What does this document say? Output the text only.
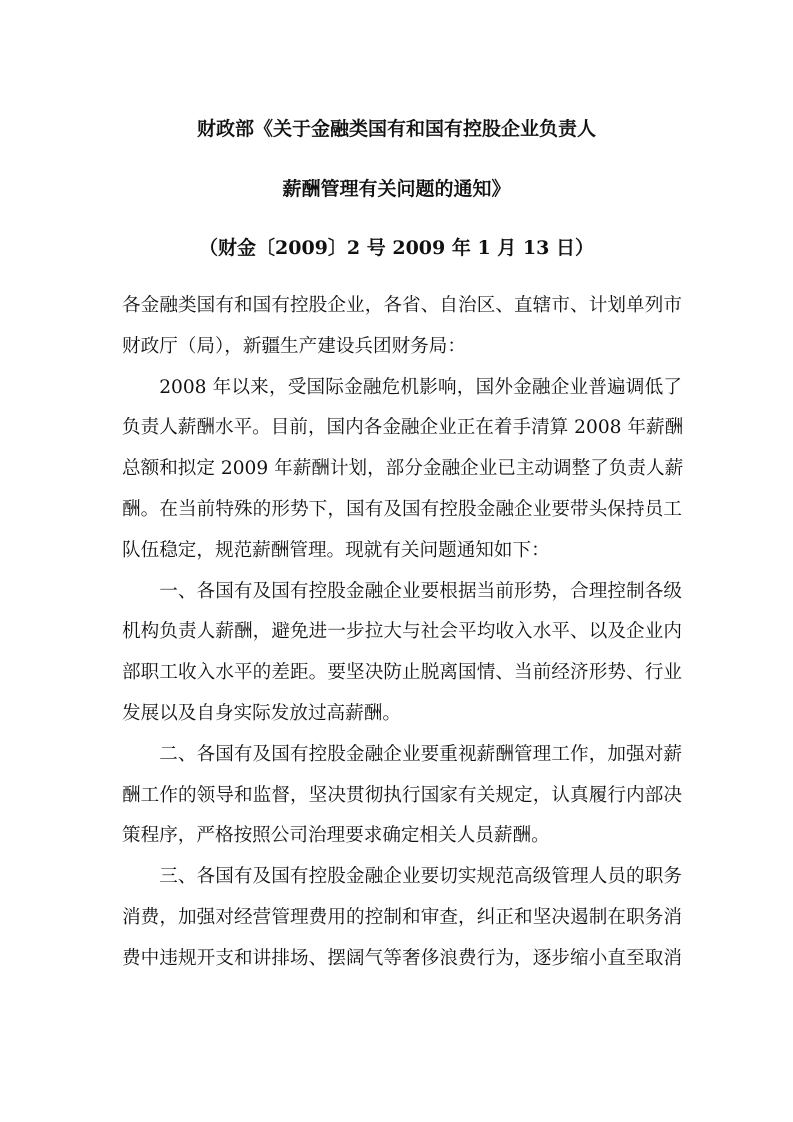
财政部《关于金融类国有和国有控股企业负责人
薪酬管理有关问题的通知》
（财金〔2009〕2 号 2009 年 1 月 13 日）

各金融类国有和国有控股企业，各省、自治区、直辖市、计划单列市
财政厅（局），新疆生产建设兵团财务局：

2008 年以来，受国际金融危机影响，国外金融企业普遍调低了
负责人薪酬水平。目前，国内各金融企业正在着手清算 2008 年薪酬
总额和拟定 2009 年薪酬计划，部分金融企业已主动调整了负责人薪
酬。在当前特殊的形势下，国有及国有控股金融企业要带头保持员工
队伍稳定，规范薪酬管理。现就有关问题通知如下：

一、各国有及国有控股金融企业要根据当前形势，合理控制各级
机构负责人薪酬，避免进一步拉大与社会平均收入水平、以及企业内
部职工收入水平的差距。要坚决防止脱离国情、当前经济形势、行业
发展以及自身实际发放过高薪酬。

二、各国有及国有控股金融企业要重视薪酬管理工作，加强对薪
酬工作的领导和监督，坚决贯彻执行国家有关规定，认真履行内部决
策程序，严格按照公司治理要求确定相关人员薪酬。

三、各国有及国有控股金融企业要切实规范高级管理人员的职务
消费，加强对经营管理费用的控制和审查，纠正和坚决遏制在职务消
费中违规开支和讲排场、摆阔气等奢侈浪费行为，逐步缩小直至取消
